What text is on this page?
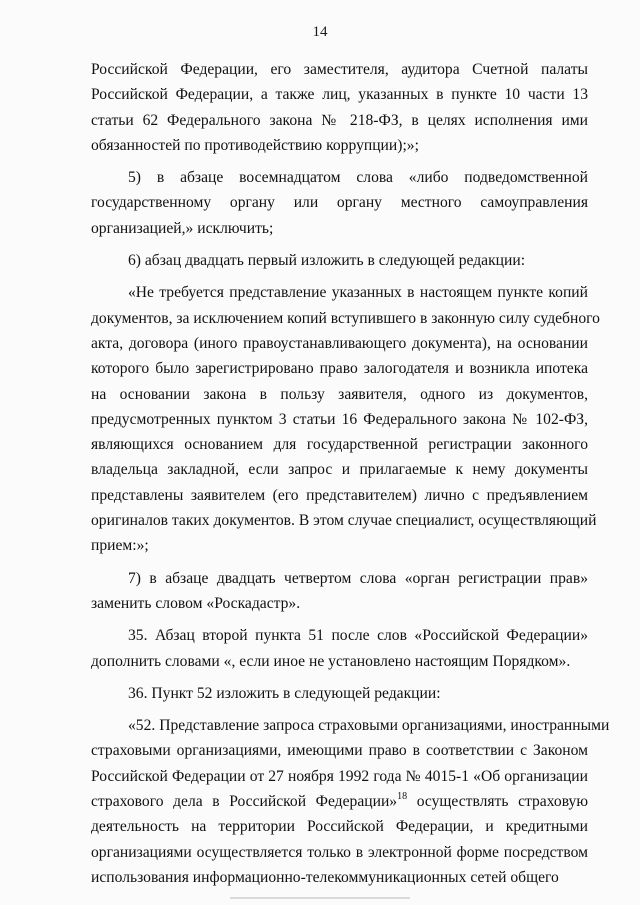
14
Российской Федерации, его заместителя, аудитора Счетной палаты
Российской Федерации, а также лиц, указанных в пункте 10 части 13
статьи 62 Федерального закона № 218-ФЗ, в целях исполнения ими
обязанностей по противодействию коррупции);»;
5) в абзаце восемнадцатом слова «либо подведомственной
государственному органу или органу местного самоуправления
организацией,» исключить;
6) абзац двадцать первый изложить в следующей редакции:
«Не требуется представление указанных в настоящем пункте копий
документов, за исключением копий вступившего в законную силу судебного
акта, договора (иного правоустанавливающего документа), на основании
которого было зарегистрировано право залогодателя и возникла ипотека
на основании закона в пользу заявителя, одного из документов,
предусмотренных пунктом 3 статьи 16 Федерального закона № 102-ФЗ,
являющихся основанием для государственной регистрации законного
владельца закладной, если запрос и прилагаемые к нему документы
представлены заявителем (его представителем) лично с предъявлением
оригиналов таких документов. В этом случае специалист, осуществляющий
прием:»;
7) в абзаце двадцать четвертом слова «орган регистрации прав»
заменить словом «Роскадастр».
35. Абзац второй пункта 51 после слов «Российской Федерации»
дополнить словами «, если иное не установлено настоящим Порядком».
36. Пункт 52 изложить в следующей редакции:
«52. Представление запроса страховыми организациями, иностранными
страховыми организациями, имеющими право в соответствии с Законом
Российской Федерации от 27 ноября 1992 года № 4015-1 «Об организации
страхового дела в Российской Федерации»$^{18}$ осуществлять страховую
деятельность на территории Российской Федерации, и кредитными
организациями осуществляется только в электронной форме посредством
использования информационно-телекоммуникационных сетей общего
